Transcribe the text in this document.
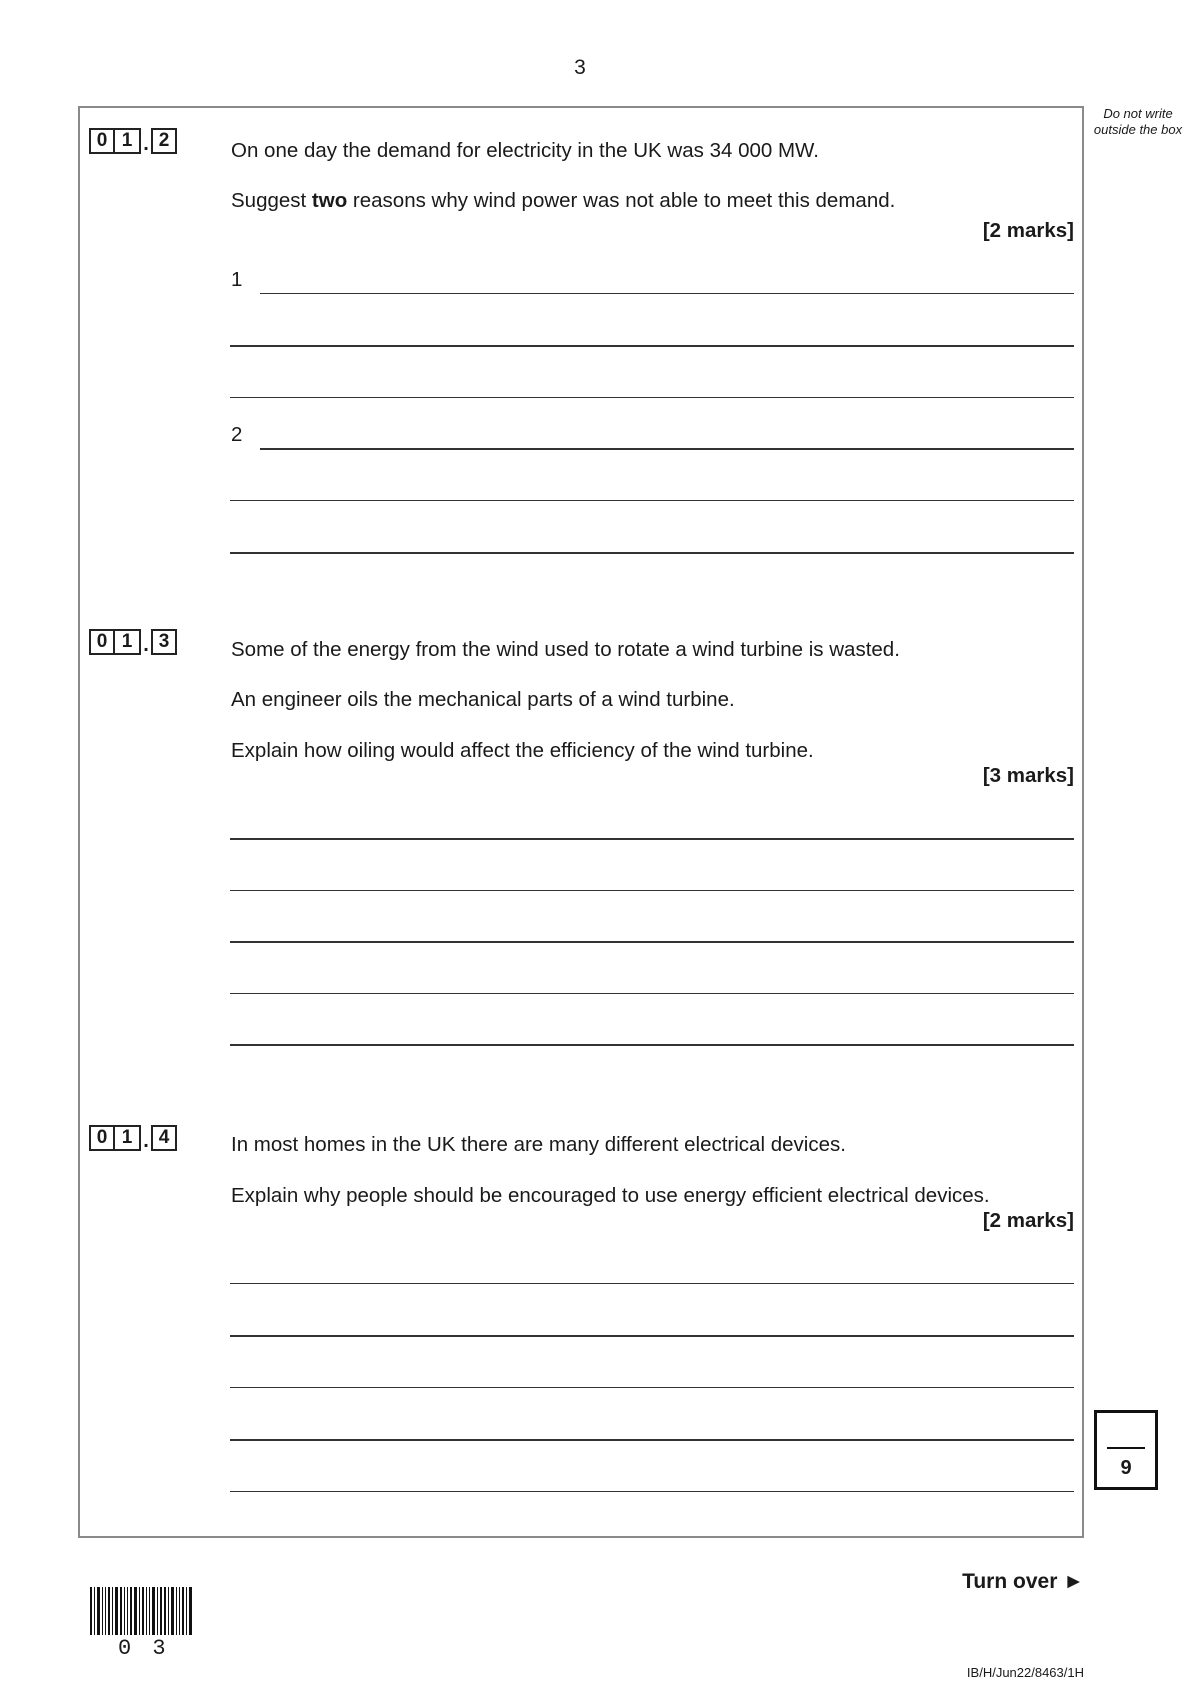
3
Do not write outside the box
0 1 . 2	On one day the demand for electricity in the UK was 34 000 MW.
Suggest two reasons why wind power was not able to meet this demand.
[2 marks]
1
2
0 1 . 3	Some of the energy from the wind used to rotate a wind turbine is wasted.
An engineer oils the mechanical parts of a wind turbine.
Explain how oiling would affect the efficiency of the wind turbine.
[3 marks]
0 1 . 4	In most homes in the UK there are many different electrical devices.
Explain why people should be encouraged to use energy efficient electrical devices.
[2 marks]
9
Turn over ►
0 3
IB/H/Jun22/8463/1H
